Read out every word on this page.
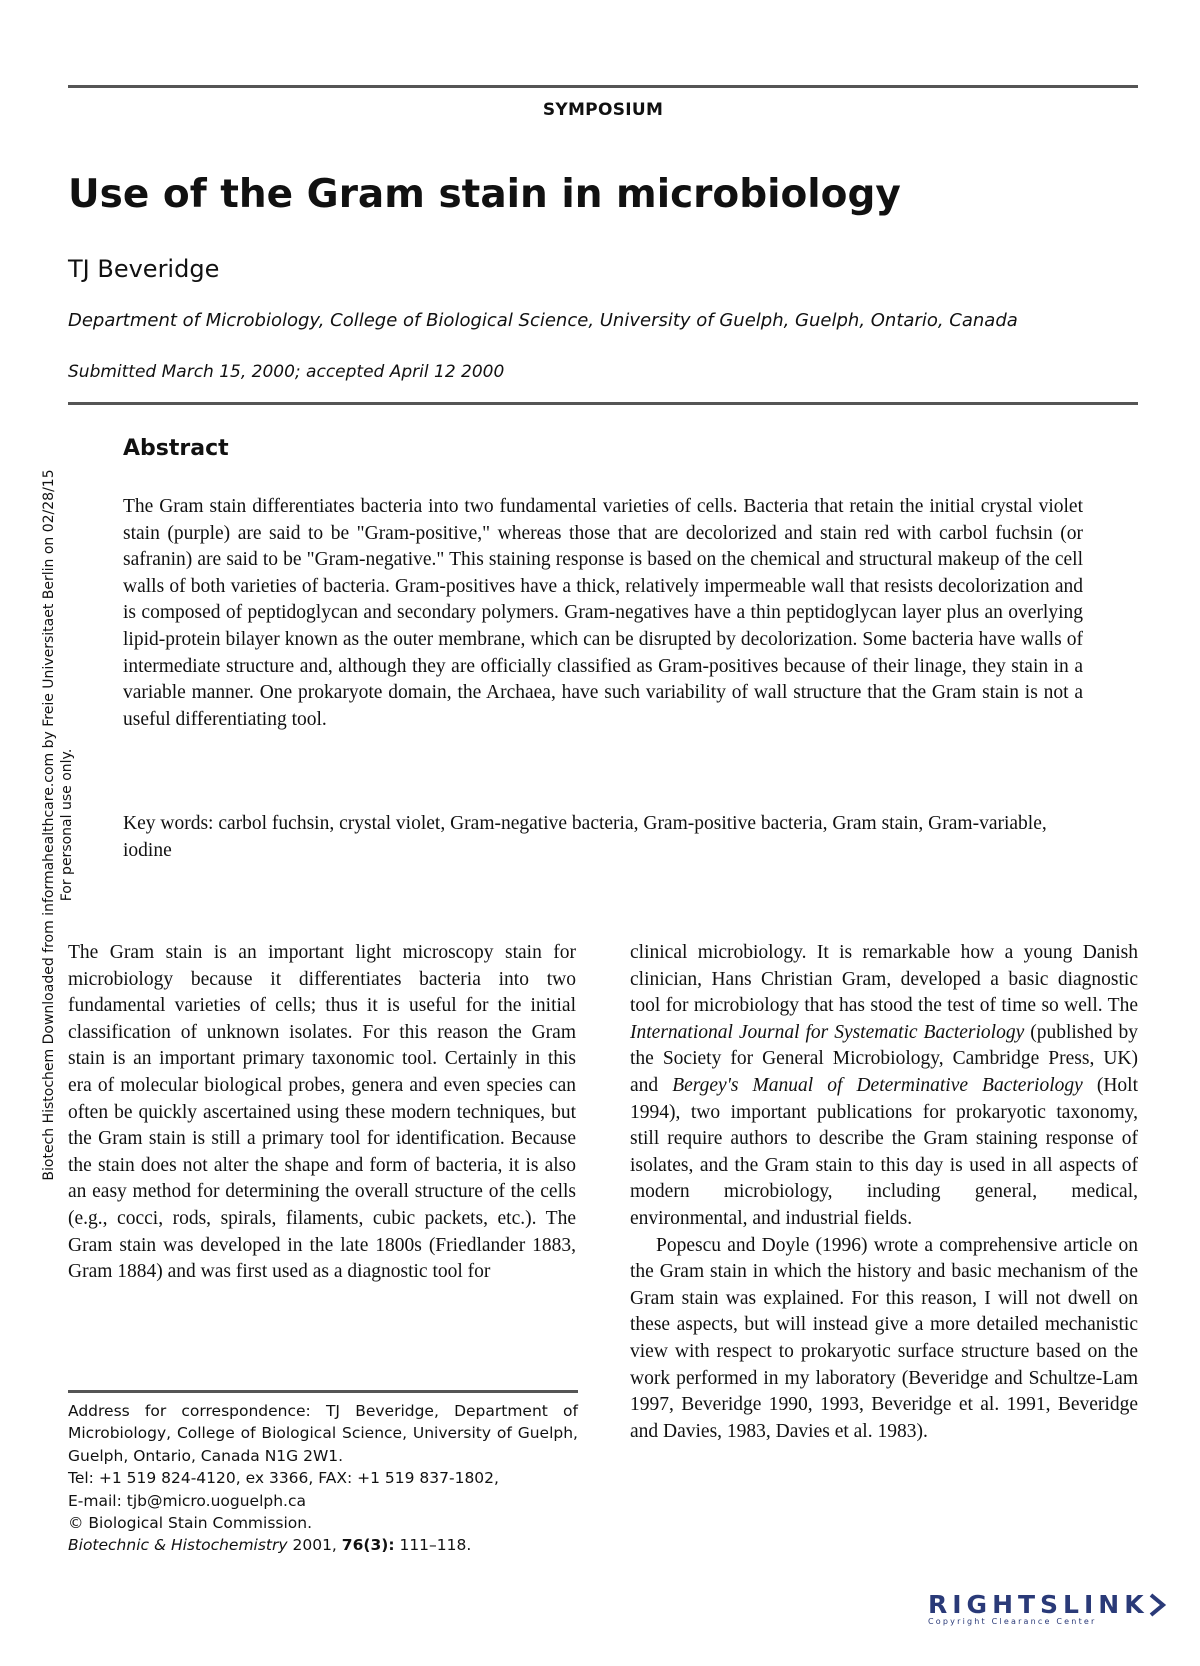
SYMPOSIUM
Use of the Gram stain in microbiology
TJ Beveridge
Department of Microbiology, College of Biological Science, University of Guelph, Guelph, Ontario, Canada
Submitted March 15, 2000; accepted April 12 2000
Abstract

The Gram stain differentiates bacteria into two fundamental varieties of cells. Bacteria that retain the initial crystal violet stain (purple) are said to be "Gram-positive," whereas those that are decolorized and stain red with carbol fuchsin (or safranin) are said to be "Gram-negative." This staining response is based on the chemical and structural makeup of the cell walls of both varieties of bacteria. Gram-positives have a thick, relatively impermeable wall that resists decolorization and is composed of peptidoglycan and secondary polymers. Gram-negatives have a thin peptidoglycan layer plus an overlying lipid-protein bilayer known as the outer membrane, which can be disrupted by decolorization. Some bacteria have walls of intermediate structure and, although they are officially classified as Gram-positives because of their linage, they stain in a variable manner. One prokaryote domain, the Archaea, have such variability of wall structure that the Gram stain is not a useful differentiating tool.

Key words: carbol fuchsin, crystal violet, Gram-negative bacteria, Gram-positive bacteria, Gram stain, Gram-variable, iodine

The Gram stain is an important light microscopy stain for microbiology because it differentiates bacteria into two fundamental varieties of cells; thus it is useful for the initial classification of unknown isolates. For this reason the Gram stain is an important primary taxonomic tool. Certainly in this era of molecular biological probes, genera and even species can often be quickly ascertained using these modern techniques, but the Gram stain is still a primary tool for identification. Because the stain does not alter the shape and form of bacteria, it is also an easy method for determining the overall structure of the cells (e.g., cocci, rods, spirals, filaments, cubic packets, etc.). The Gram stain was developed in the late 1800s (Friedlander 1883, Gram 1884) and was first used as a diagnostic tool for

clinical microbiology. It is remarkable how a young Danish clinician, Hans Christian Gram, developed a basic diagnostic tool for microbiology that has stood the test of time so well. The International Journal for Systematic Bacteriology (published by the Society for General Microbiology, Cambridge Press, UK) and Bergey's Manual of Determinative Bacteriology (Holt 1994), two important publications for prokaryotic taxonomy, still require authors to describe the Gram staining response of isolates, and the Gram stain to this day is used in all aspects of modern microbiology, including general, medical, environmental, and industrial fields.

Popescu and Doyle (1996) wrote a comprehensive article on the Gram stain in which the history and basic mechanism of the Gram stain was explained. For this reason, I will not dwell on these aspects, but will instead give a more detailed mechanistic view with respect to prokaryotic surface structure based on the work performed in my laboratory (Beveridge and Schultze-Lam 1997, Beveridge 1990, 1993, Beveridge et al. 1991, Beveridge and Davies, 1983, Davies et al. 1983).

Address for correspondence: TJ Beveridge, Department of Microbiology, College of Biological Science, University of Guelph, Guelph, Ontario, Canada N1G 2W1.
Tel: +1 519 824-4120, ex 3366, FAX: +1 519 837-1802,
E-mail: tjb@micro.uoguelph.ca
© Biological Stain Commission.
Biotechnic & Histochemistry 2001, 76(3): 111–118.
Biotech Histochem Downloaded from informahealthcare.com by Freie Universitaet Berlin on 02/28/15 For personal use only.
RIGHTSLINK
Copyright Clearance Center
